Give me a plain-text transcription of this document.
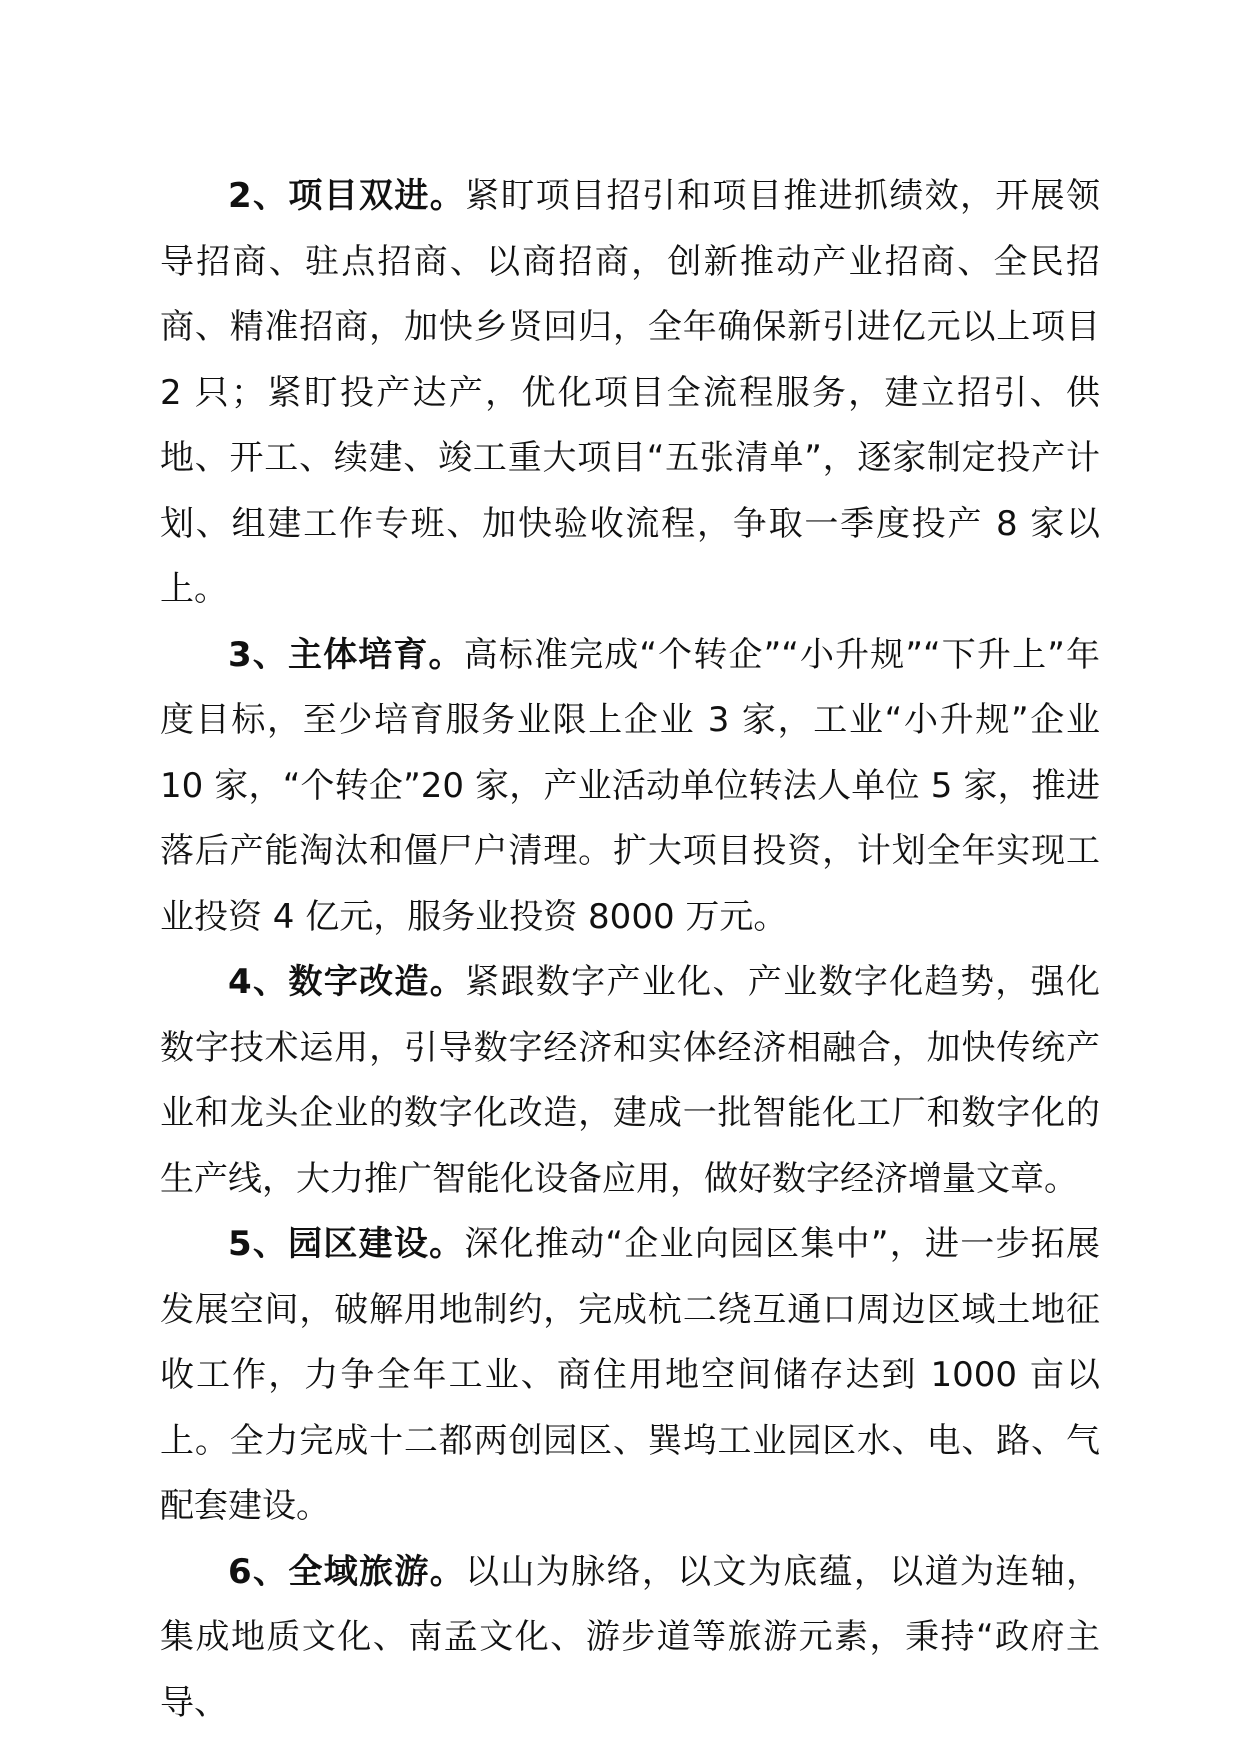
2、项目双进。紧盯项目招引和项目推进抓绩效，开展领导招商、驻点招商、以商招商，创新推动产业招商、全民招商、精准招商，加快乡贤回归，全年确保新引进亿元以上项目 2 只；紧盯投产达产，优化项目全流程服务，建立招引、供地、开工、续建、竣工重大项目“五张清单”，逐家制定投产计划、组建工作专班、加快验收流程，争取一季度投产 8 家以上。

3、主体培育。高标准完成“个转企”“小升规”“下升上”年度目标，至少培育服务业限上企业 3 家，工业“小升规”企业 10 家，“个转企”20 家，产业活动单位转法人单位 5 家，推进落后产能淘汰和僵尸户清理。扩大项目投资，计划全年实现工业投资 4 亿元，服务业投资 8000 万元。

4、数字改造。紧跟数字产业化、产业数字化趋势，强化数字技术运用，引导数字经济和实体经济相融合，加快传统产业和龙头企业的数字化改造，建成一批智能化工厂和数字化的生产线，大力推广智能化设备应用，做好数字经济增量文章。

5、园区建设。深化推动“企业向园区集中”，进一步拓展发展空间，破解用地制约，完成杭二绕互通口周边区域土地征收工作，力争全年工业、商住用地空间储存达到 1000 亩以上。全力完成十二都两创园区、巽坞工业园区水、电、路、气配套建设。

6、全域旅游。以山为脉络，以文为底蕴，以道为连轴，集成地质文化、南孟文化、游步道等旅游元素，秉持“政府主导、
